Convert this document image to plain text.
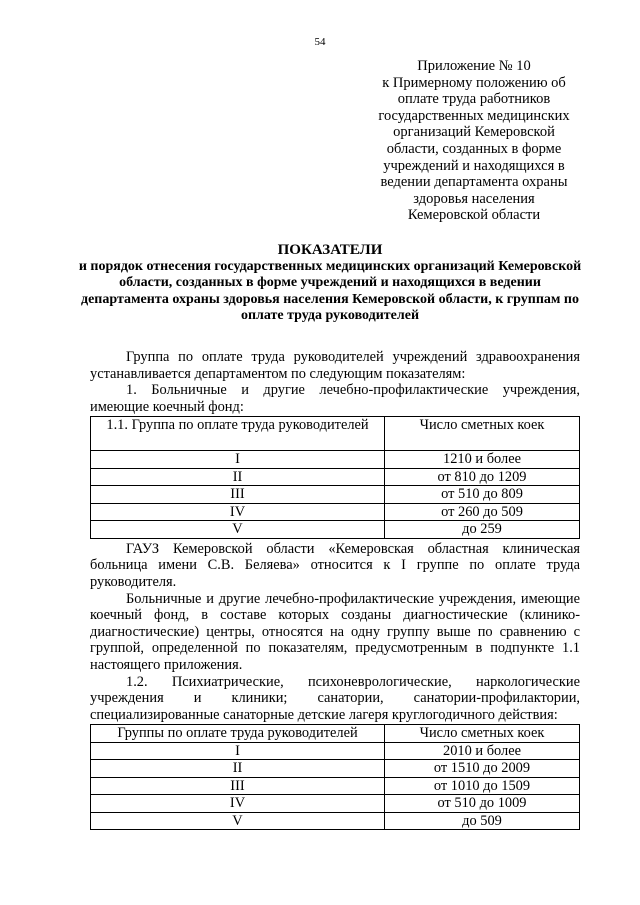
54
Приложение № 10
к Примерному положению об
оплате труда работников
государственных медицинских
организаций Кемеровской
области, созданных в форме
учреждений и находящихся в
ведении департамента охраны
здоровья населения
Кемеровской области
ПОКАЗАТЕЛИ
и порядок отнесения государственных медицинских организаций Кемеровской области, созданных в форме учреждений и находящихся в ведении департамента охраны здоровья населения Кемеровской области, к группам по оплате труда руководителей

Группа по оплате труда руководителей учреждений здравоохранения устанавливается департаментом по следующим показателям:

1. Больничные и другие лечебно-профилактические учреждения, имеющие коечный фонд:

1.1. Группа по оплате труда руководителей	Число сметных коек
I	1210 и более
II	от 810 до 1209
III	от 510 до 809
IV	от 260 до 509
V	до 259

ГАУЗ Кемеровской области «Кемеровская областная клиническая больница имени С.В. Беляева» относится к I группе по оплате труда руководителя.

Больничные и другие лечебно-профилактические учреждения, имеющие коечный фонд, в составе которых созданы диагностические (клинико-диагностические) центры, относятся на одну группу выше по сравнению с группой, определенной по показателям, предусмотренным в подпункте 1.1 настоящего приложения.

1.2. Психиатрические, психоневрологические, наркологические учреждения и клиники; санатории, санатории-профилактории, специализированные санаторные детские лагеря круглогодичного действия:

Группы по оплате труда руководителей	Число сметных коек
I	2010 и более
II	от 1510 до 2009
III	от 1010 до 1509
IV	от 510 до 1009
V	до 509
